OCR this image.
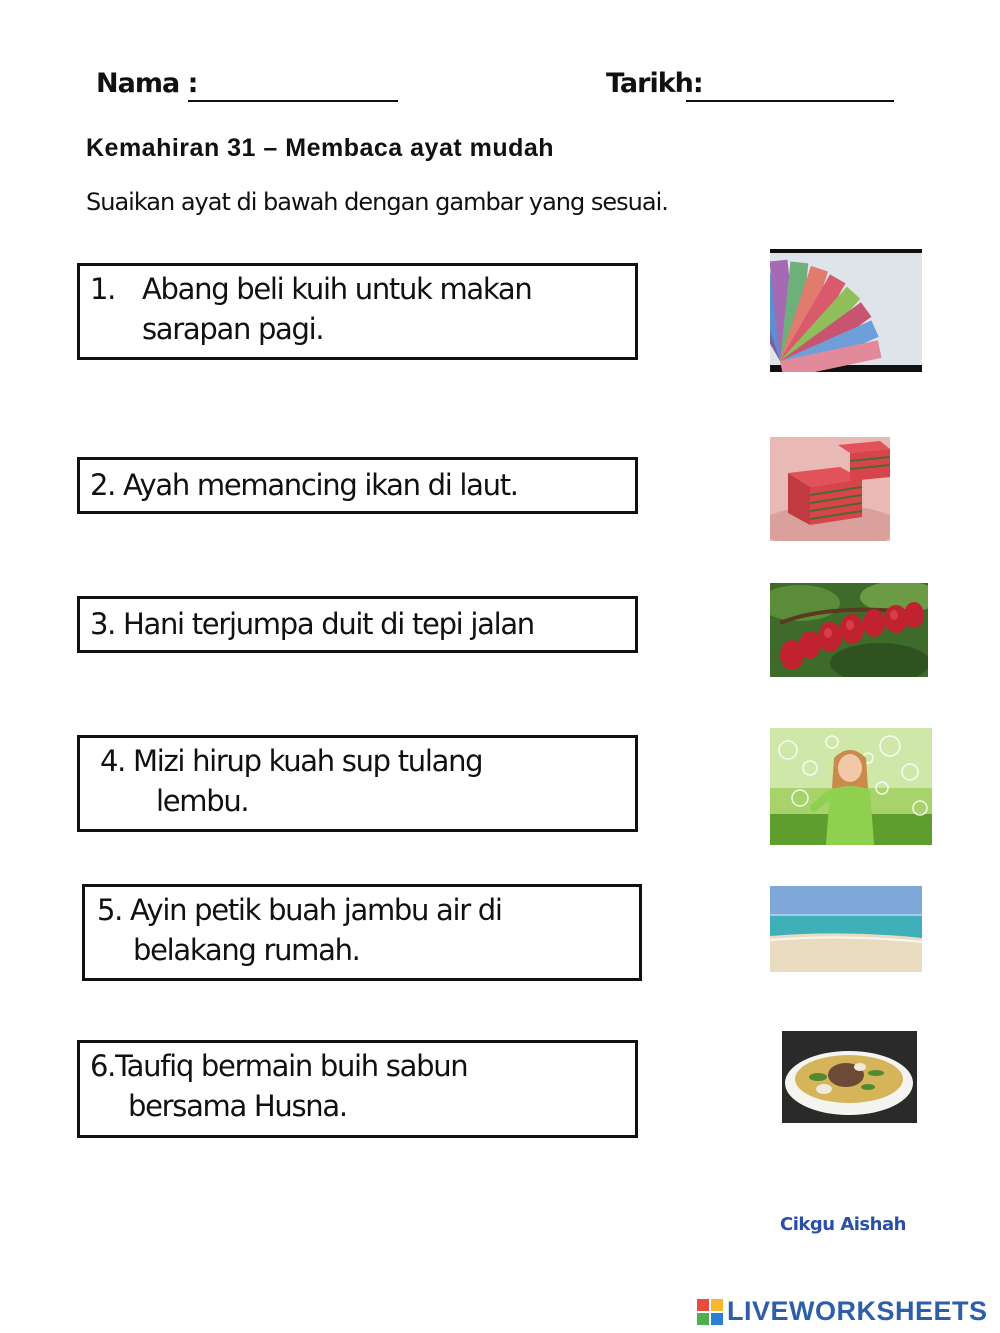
Nama :	Tarikh:
Kemahiran 31 – Membaca ayat mudah
Suaikan ayat di bawah dengan gambar yang sesuai.
1. Abang beli kuih untuk makan
sarapan pagi.
2. Ayah memancing ikan di laut.
3. Hani terjumpa duit di tepi jalan
4. Mizi hirup kuah sup tulang
lembu.
5. Ayin petik buah jambu air di
belakang rumah.
6.Taufiq bermain buih sabun
bersama Husna.
Cikgu Aishah
LIVEWORKSHEETS
